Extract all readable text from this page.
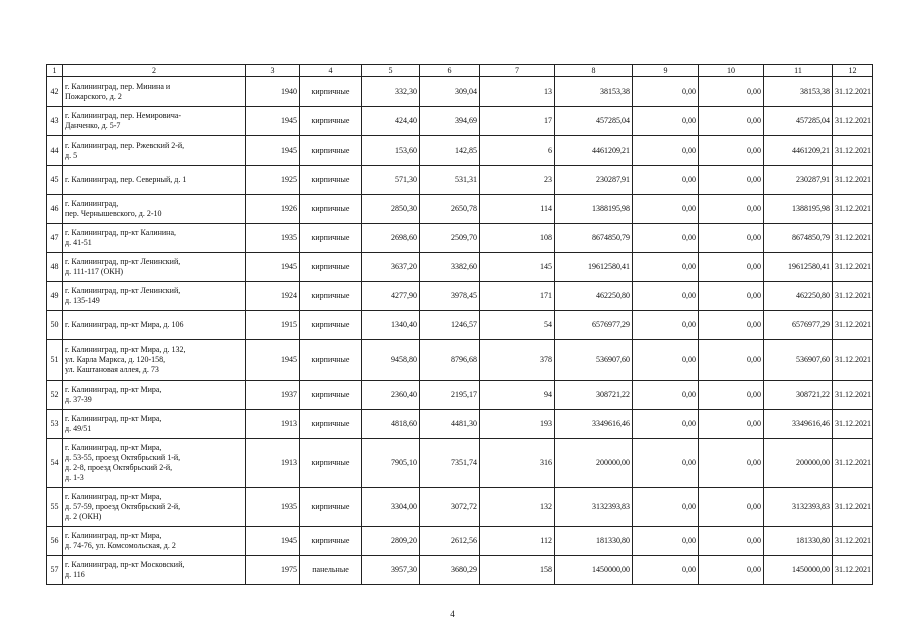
1	2	3	4	5	6	7	8	9	10	11	12
42	г. Калининград, пер. Минина и
Пожарского, д. 2	1940	кирпичные	332,30	309,04	13	38153,38	0,00	0,00	38153,38	31.12.2021
43	г. Калининград, пер. Немировича-
Данченко, д. 5-7	1945	кирпичные	424,40	394,69	17	457285,04	0,00	0,00	457285,04	31.12.2021
44	г. Калининград, пер. Ржевский 2-й,
д. 5	1945	кирпичные	153,60	142,85	6	4461209,21	0,00	0,00	4461209,21	31.12.2021
45	г. Калининград, пер. Северный, д. 1	1925	кирпичные	571,30	531,31	23	230287,91	0,00	0,00	230287,91	31.12.2021
46	г. Калининград,
пер. Чернышевского, д. 2-10	1926	кирпичные	2850,30	2650,78	114	1388195,98	0,00	0,00	1388195,98	31.12.2021
47	г. Калининград, пр-кт Калинина,
д. 41-51	1935	кирпичные	2698,60	2509,70	108	8674850,79	0,00	0,00	8674850,79	31.12.2021
48	г. Калининград, пр-кт Ленинский,
д. 111-117 (ОКН)	1945	кирпичные	3637,20	3382,60	145	19612580,41	0,00	0,00	19612580,41	31.12.2021
49	г. Калининград, пр-кт Ленинский,
д. 135-149	1924	кирпичные	4277,90	3978,45	171	462250,80	0,00	0,00	462250,80	31.12.2021
50	г. Калининград, пр-кт Мира, д. 106	1915	кирпичные	1340,40	1246,57	54	6576977,29	0,00	0,00	6576977,29	31.12.2021
51	г. Калининград, пр-кт Мира, д. 132,
ул. Карла Маркса, д. 120-158,
ул. Каштановая аллея, д. 73	1945	кирпичные	9458,80	8796,68	378	536907,60	0,00	0,00	536907,60	31.12.2021
52	г. Калининград, пр-кт Мира,
д. 37-39	1937	кирпичные	2360,40	2195,17	94	308721,22	0,00	0,00	308721,22	31.12.2021
53	г. Калининград, пр-кт Мира,
д. 49/51	1913	кирпичные	4818,60	4481,30	193	3349616,46	0,00	0,00	3349616,46	31.12.2021
54	г. Калининград, пр-кт Мира,
д. 53-55, проезд Октябрьский 1-й,
д. 2-8, проезд Октябрьский 2-й,
д. 1-3	1913	кирпичные	7905,10	7351,74	316	200000,00	0,00	0,00	200000,00	31.12.2021
55	г. Калининград, пр-кт Мира,
д. 57-59, проезд Октябрьский 2-й,
д. 2 (ОКН)	1935	кирпичные	3304,00	3072,72	132	3132393,83	0,00	0,00	3132393,83	31.12.2021
56	г. Калининград, пр-кт Мира,
д. 74-76, ул. Комсомольская, д. 2	1945	кирпичные	2809,20	2612,56	112	181330,80	0,00	0,00	181330,80	31.12.2021
57	г. Калининград, пр-кт Московский,
д. 116	1975	панельные	3957,30	3680,29	158	1450000,00	0,00	0,00	1450000,00	31.12.2021
4
